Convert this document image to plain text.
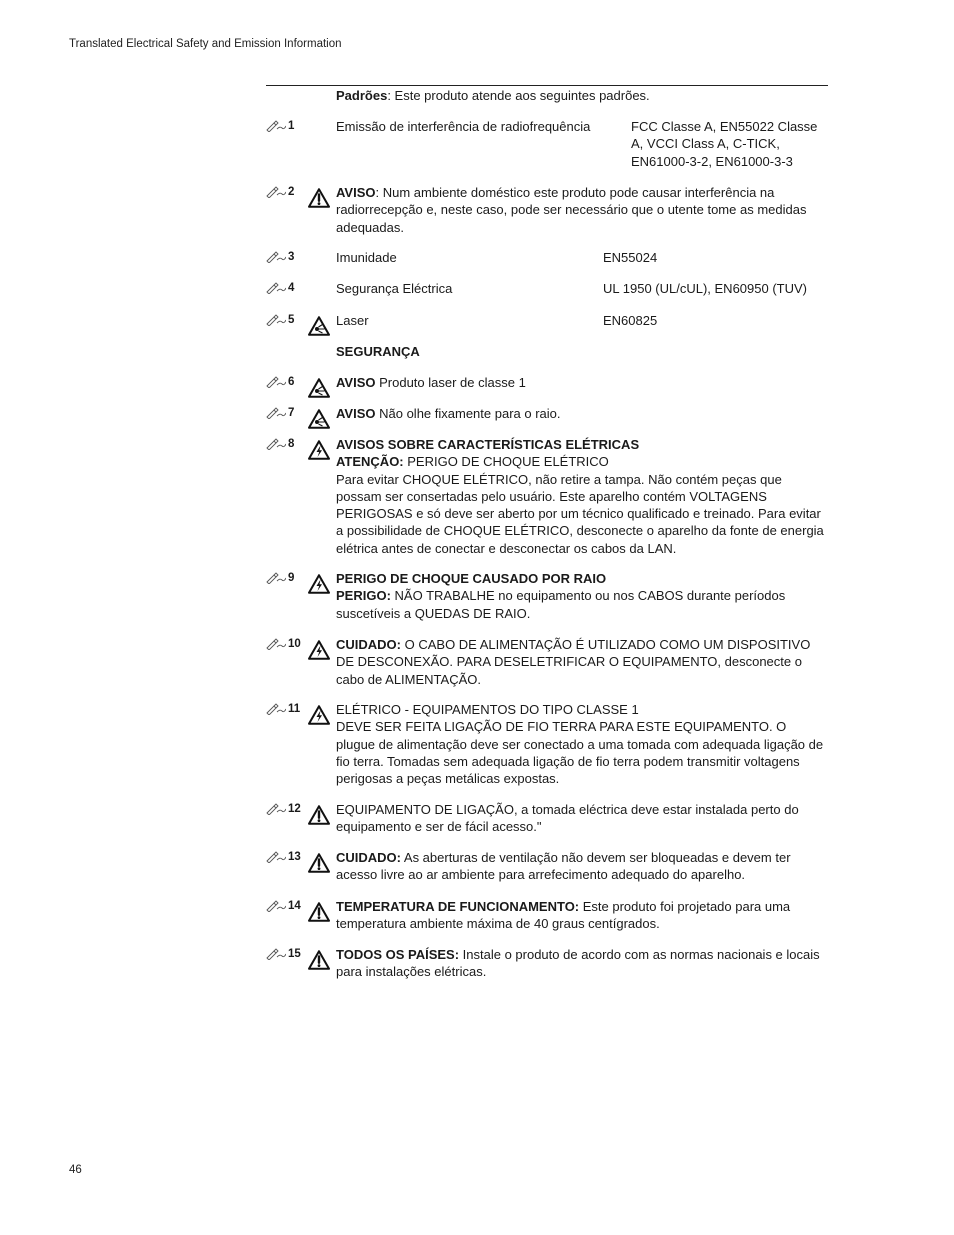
Translated Electrical Safety and Emission Information
Padrões: Este produto atende aos seguintes padrões.
1	Emissão de interferência de radiofrequência	FCC Classe A, EN55022 Classe A, VCCI Class A, C-TICK, EN61000-3-2, EN61000-3-3
2	AVISO: Num ambiente doméstico este produto pode causar interferência na radiorrecepção e, neste caso, pode ser necessário que o utente tome as medidas adequadas.
3	Imunidade	EN55024
4	Segurança Eléctrica	UL 1950 (UL/cUL), EN60950 (TUV)
5	Laser	EN60825
SEGURANÇA
6	AVISO Produto laser de classe 1
7	AVISO Não olhe fixamente para o raio.
8	AVISOS SOBRE CARACTERÍSTICAS ELÉTRICAS
ATENÇÃO: PERIGO DE CHOQUE ELÉTRICO
Para evitar CHOQUE ELÉTRICO, não retire a tampa. Não contém peças que possam ser consertadas pelo usuário. Este aparelho contém VOLTAGENS PERIGOSAS e só deve ser aberto por um técnico qualificado e treinado. Para evitar a possibilidade de CHOQUE ELÉTRICO, desconecte o aparelho da fonte de energia elétrica antes de conectar e desconectar os cabos da LAN.
9	PERIGO DE CHOQUE CAUSADO POR RAIO
PERIGO: NÃO TRABALHE no equipamento ou nos CABOS durante períodos suscetíveis a QUEDAS DE RAIO.
10	CUIDADO: O CABO DE ALIMENTAÇÃO É UTILIZADO COMO UM DISPOSITIVO DE DESCONEXÃO. PARA DESELETRIFICAR O EQUIPAMENTO, desconecte o cabo de ALIMENTAÇÃO.
11	ELÉTRICO - EQUIPAMENTOS DO TIPO CLASSE 1
DEVE SER FEITA LIGAÇÃO DE FIO TERRA PARA ESTE EQUIPAMENTO. O plugue de alimentação deve ser conectado a uma tomada com adequada ligação de fio terra. Tomadas sem adequada ligação de fio terra podem transmitir voltagens perigosas a peças metálicas expostas.
12	EQUIPAMENTO DE LIGAÇÃO, a tomada eléctrica deve estar instalada perto do equipamento e ser de fácil acesso."
13	CUIDADO: As aberturas de ventilação não devem ser bloqueadas e devem ter acesso livre ao ar ambiente para arrefecimento adequado do aparelho.
14	TEMPERATURA DE FUNCIONAMENTO: Este produto foi projetado para uma temperatura ambiente máxima de 40 graus centígrados.
15	TODOS OS PAÍSES: Instale o produto de acordo com as normas nacionais e locais para instalações elétricas.
46
